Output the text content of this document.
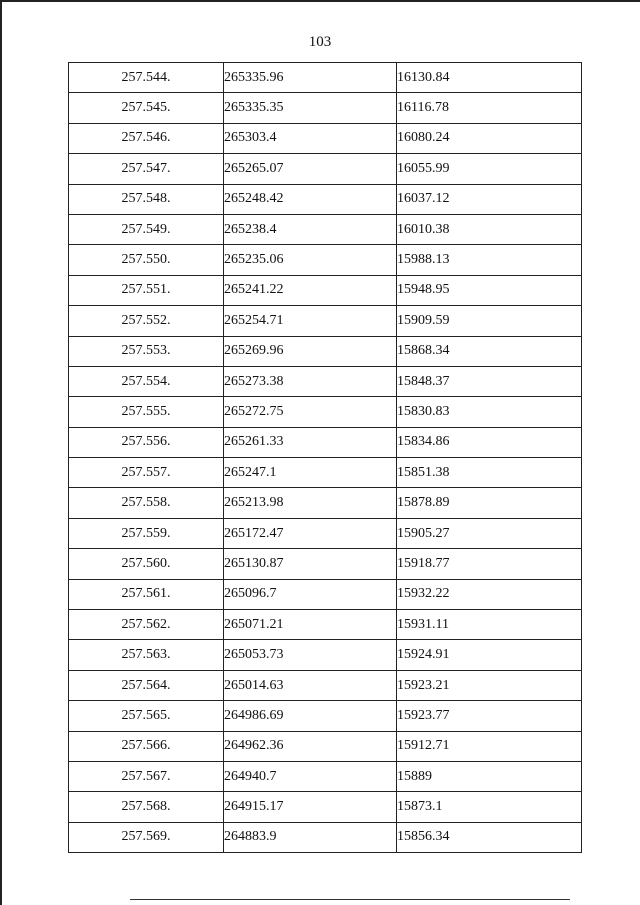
103
257.544.	265335.96	16130.84
257.545.	265335.35	16116.78
257.546.	265303.4	16080.24
257.547.	265265.07	16055.99
257.548.	265248.42	16037.12
257.549.	265238.4	16010.38
257.550.	265235.06	15988.13
257.551.	265241.22	15948.95
257.552.	265254.71	15909.59
257.553.	265269.96	15868.34
257.554.	265273.38	15848.37
257.555.	265272.75	15830.83
257.556.	265261.33	15834.86
257.557.	265247.1	15851.38
257.558.	265213.98	15878.89
257.559.	265172.47	15905.27
257.560.	265130.87	15918.77
257.561.	265096.7	15932.22
257.562.	265071.21	15931.11
257.563.	265053.73	15924.91
257.564.	265014.63	15923.21
257.565.	264986.69	15923.77
257.566.	264962.36	15912.71
257.567.	264940.7	15889
257.568.	264915.17	15873.1
257.569.	264883.9	15856.34
